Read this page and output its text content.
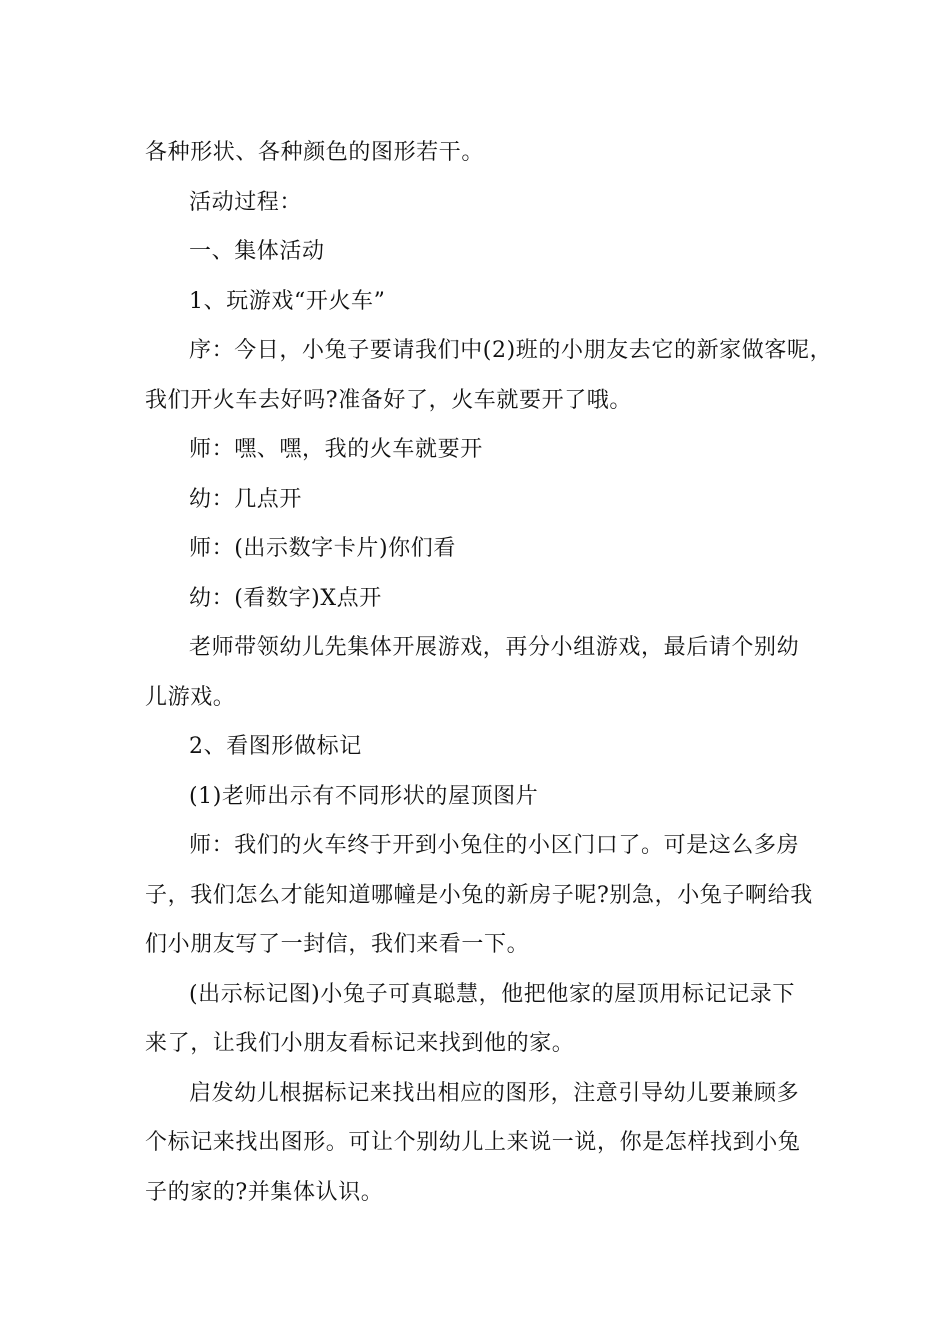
各种形状、各种颜色的图形若干。
活动过程：
一、集体活动
1、玩游戏“开火车”
序：今日，小兔子要请我们中(2)班的小朋友去它的新家做客呢，
我们开火车去好吗?准备好了，火车就要开了哦。
师：嘿、嘿，我的火车就要开
幼：几点开
师：(出示数字卡片)你们看
幼：(看数字)X点开
老师带领幼儿先集体开展游戏，再分小组游戏，最后请个别幼
儿游戏。
2、看图形做标记
(1)老师出示有不同形状的屋顶图片
师：我们的火车终于开到小兔住的小区门口了。可是这么多房
子，我们怎么才能知道哪幢是小兔的新房子呢?别急，小兔子啊给我
们小朋友写了一封信，我们来看一下。
(出示标记图)小兔子可真聪慧，他把他家的屋顶用标记记录下
来了，让我们小朋友看标记来找到他的家。
启发幼儿根据标记来找出相应的图形，注意引导幼儿要兼顾多
个标记来找出图形。可让个别幼儿上来说一说，你是怎样找到小兔
子的家的?并集体认识。
